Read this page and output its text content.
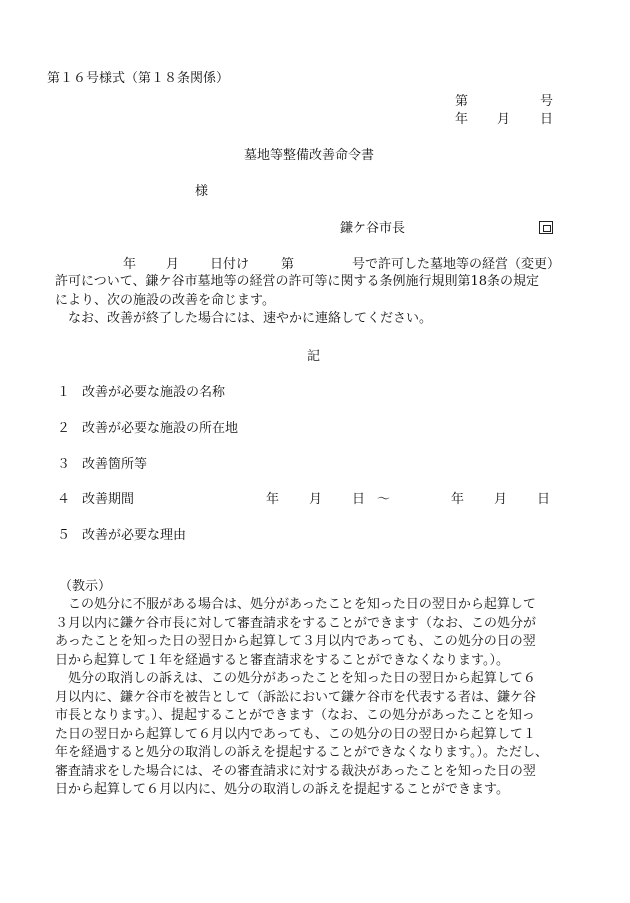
第１６号様式（第１８条関係）
第	号
年 月 日
墓地等整備改善命令書
様
鎌ケ谷市長
年 月 日付け 第	号で許可した墓地等の経営（変更）
許可について、鎌ケ谷市墓地等の経営の許可等に関する条例施行規則第18条の規定
により、次の施設の改善を命じます。
　なお、改善が終了した場合には、速やかに連絡してください。
記
１ 改善が必要な施設の名称
２ 改善が必要な施設の所在地
３ 改善箇所等
４ 改善期間	年 月 日 ～	年 月 日
５ 改善が必要な理由
（教示）
　この処分に不服がある場合は、処分があったことを知った日の翌日から起算して
３月以内に鎌ケ谷市長に対して審査請求をすることができます（なお、この処分が
あったことを知った日の翌日から起算して３月以内であっても、この処分の日の翌
日から起算して１年を経過すると審査請求をすることができなくなります。）。
　処分の取消しの訴えは、この処分があったことを知った日の翌日から起算して６
月以内に、鎌ケ谷市を被告として（訴訟において鎌ケ谷市を代表する者は、鎌ケ谷
市長となります。）、提起することができます（なお、この処分があったことを知っ
た日の翌日から起算して６月以内であっても、この処分の日の翌日から起算して１
年を経過すると処分の取消しの訴えを提起することができなくなります。）。ただし、
審査請求をした場合には、その審査請求に対する裁決があったことを知った日の翌
日から起算して６月以内に、処分の取消しの訴えを提起することができます。
